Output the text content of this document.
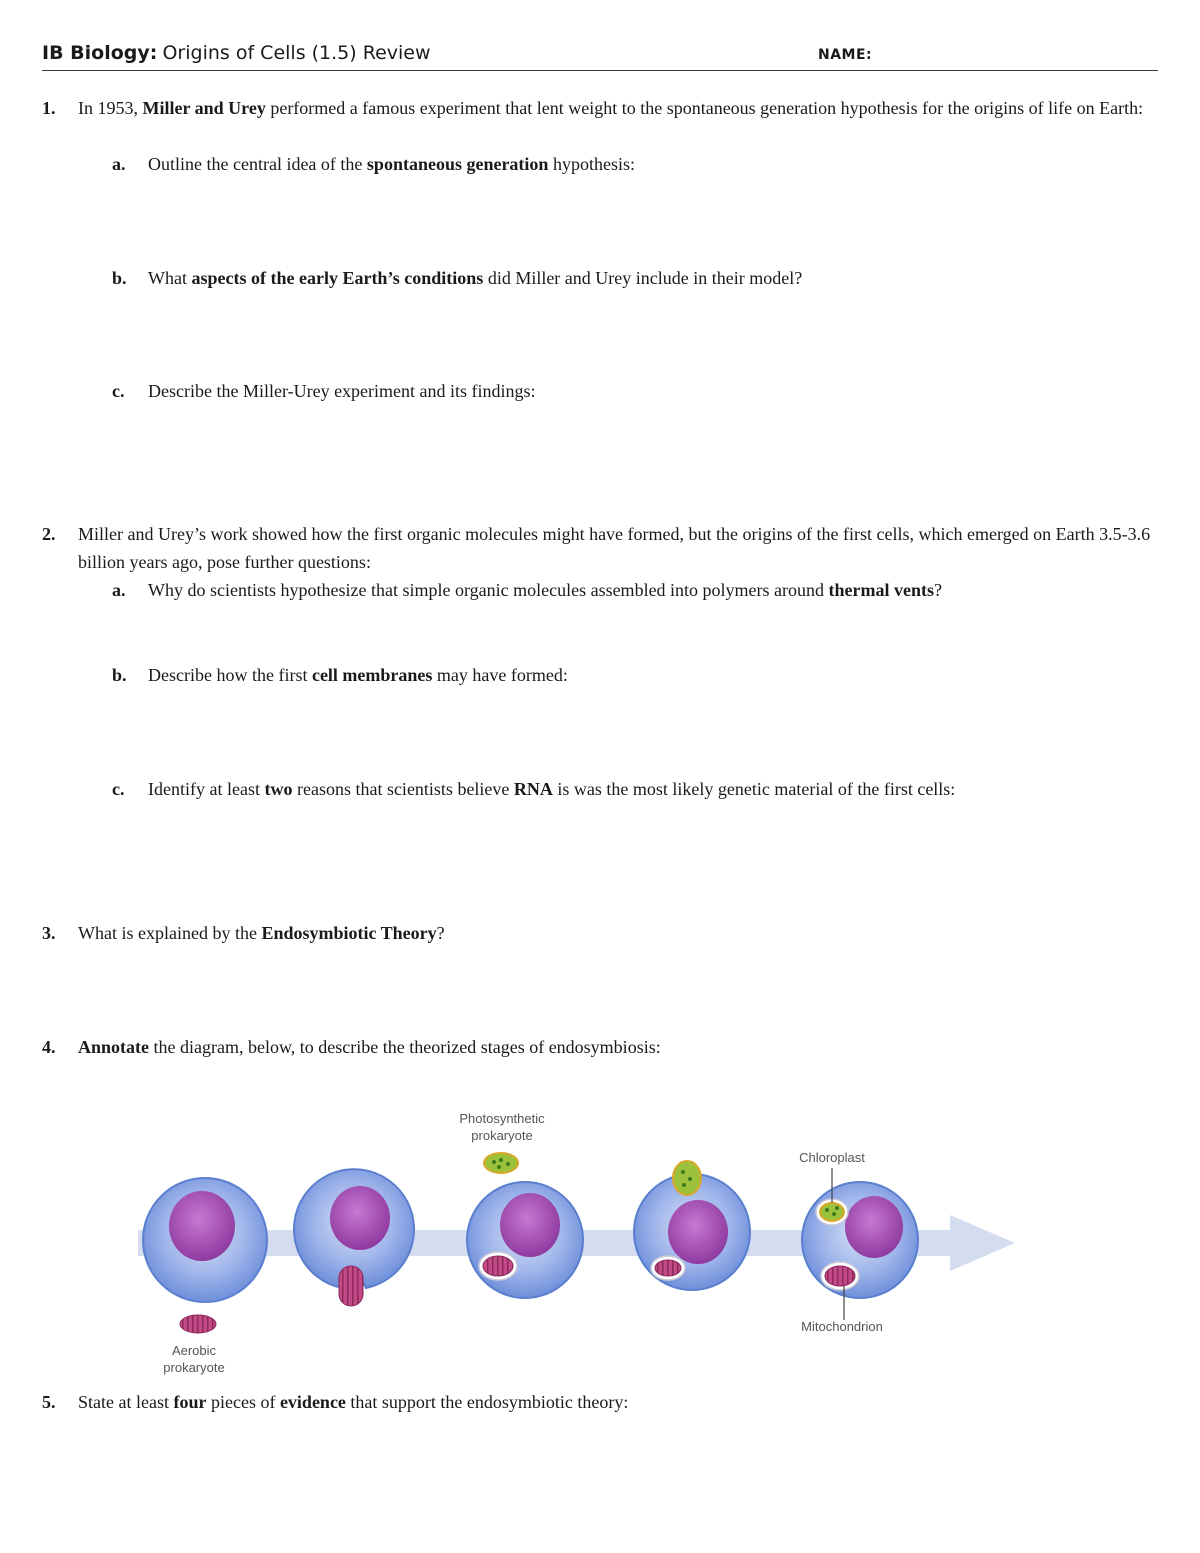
IB Biology: Origins of Cells (1.5) Review	NAME:
1. In 1953, Miller and Urey performed a famous experiment that lent weight to the spontaneous generation hypothesis for the origins of life on Earth:
a. Outline the central idea of the spontaneous generation hypothesis:
b. What aspects of the early Earth’s conditions did Miller and Urey include in their model?
c. Describe the Miller-Urey experiment and its findings:
2. Miller and Urey’s work showed how the first organic molecules might have formed, but the origins of the first cells, which emerged on Earth 3.5-3.6 billion years ago, pose further questions:
a. Why do scientists hypothesize that simple organic molecules assembled into polymers around thermal vents?
b. Describe how the first cell membranes may have formed:
c. Identify at least two reasons that scientists believe RNA is was the most likely genetic material of the first cells:
3. What is explained by the Endosymbiotic Theory?
4. Annotate the diagram, below, to describe the theorized stages of endosymbiosis:
Photosynthetic
prokaryote
Chloroplast
Mitochondrion
Aerobic
prokaryote
5. State at least four pieces of evidence that support the endosymbiotic theory:
